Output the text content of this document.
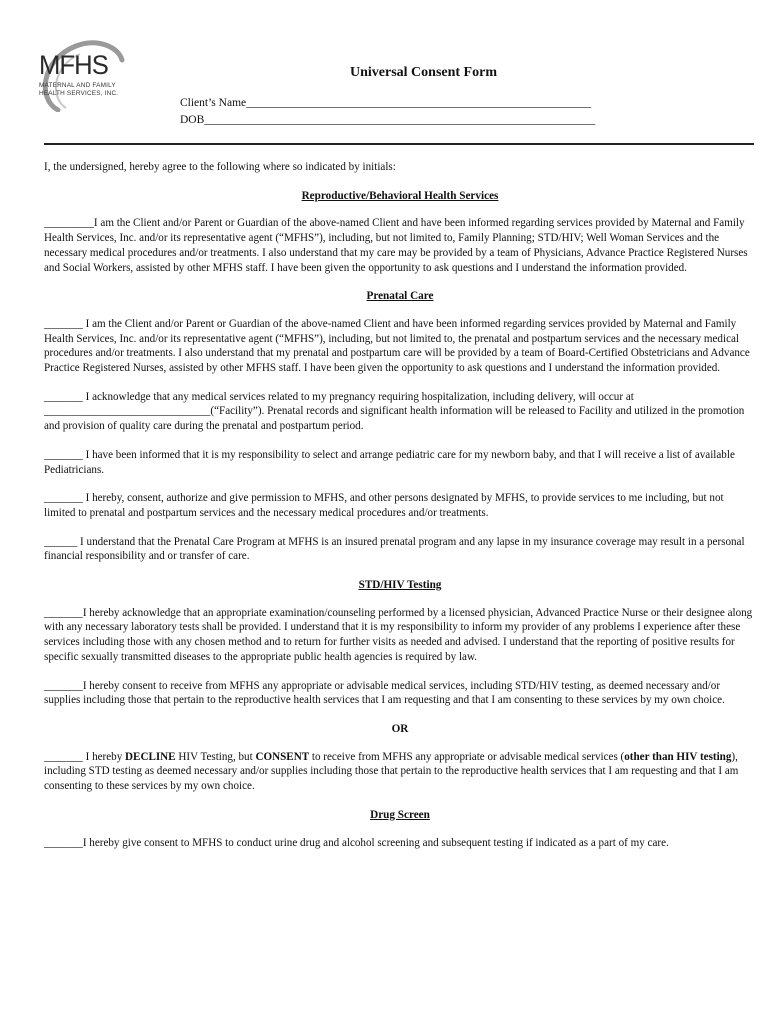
MFHS
MATERNAL AND FAMILY
HEALTH SERVICES, INC.
Universal Consent Form
Client’s Name____________________________________________________________
DOB____________________________________________________________________

I, the undersigned, hereby agree to the following where so indicated by initials:

Reproductive/Behavioral Health Services

_________I am the Client and/or Parent or Guardian of the above-named Client and have been informed regarding services provided by Maternal and Family Health Services, Inc. and/or its representative agent (“MFHS”), including, but not limited to, Family Planning; STD/HIV; Well Woman Services and the necessary medical procedures and/or treatments. I also understand that my care may be provided by a team of Physicians, Advance Practice Registered Nurses and Social Workers, assisted by other MFHS staff. I have been given the opportunity to ask questions and I understand the information provided.

Prenatal Care

_______ I am the Client and/or Parent or Guardian of the above-named Client and have been informed regarding services provided by Maternal and Family Health Services, Inc. and/or its representative agent (“MFHS”), including, but not limited to, the prenatal and postpartum services and the necessary medical procedures and/or treatments. I also understand that my prenatal and postpartum care will be provided by a team of Board-Certified Obstetricians and Advance Practice Registered Nurses, assisted by other MFHS staff. I have been given the opportunity to ask questions and I understand the information provided.

_______ I acknowledge that any medical services related to my pregnancy requiring hospitalization, including delivery, will occur at ______________________________(“Facility”). Prenatal records and significant health information will be released to Facility and utilized in the promotion and provision of quality care during the prenatal and postpartum period.

_______ I have been informed that it is my responsibility to select and arrange pediatric care for my newborn baby, and that I will receive a list of available Pediatricians.

_______ I hereby, consent, authorize and give permission to MFHS, and other persons designated by MFHS, to provide services to me including, but not limited to prenatal and postpartum services and the necessary medical procedures and/or treatments.

______ I understand that the Prenatal Care Program at MFHS is an insured prenatal program and any lapse in my insurance coverage may result in a personal financial responsibility and or transfer of care.

STD/HIV Testing

_______I hereby acknowledge that an appropriate examination/counseling performed by a licensed physician, Advanced Practice Nurse or their designee along with any necessary laboratory tests shall be provided. I understand that it is my responsibility to inform my provider of any problems I experience after these services including those with any chosen method and to return for further visits as needed and advised. I understand that the reporting of positive results for specific sexually transmitted diseases to the appropriate public health agencies is required by law.

_______I hereby consent to receive from MFHS any appropriate or advisable medical services, including STD/HIV testing, as deemed necessary and/or supplies including those that pertain to the reproductive health services that I am requesting and that I am consenting to these services by my own choice.

OR

_______ I hereby DECLINE HIV Testing, but CONSENT to receive from MFHS any appropriate or advisable medical services (other than HIV testing), including STD testing as deemed necessary and/or supplies including those that pertain to the reproductive health services that I am requesting and that I am consenting to these services by my own choice.

Drug Screen

_______I hereby give consent to MFHS to conduct urine drug and alcohol screening and subsequent testing if indicated as a part of my care.
